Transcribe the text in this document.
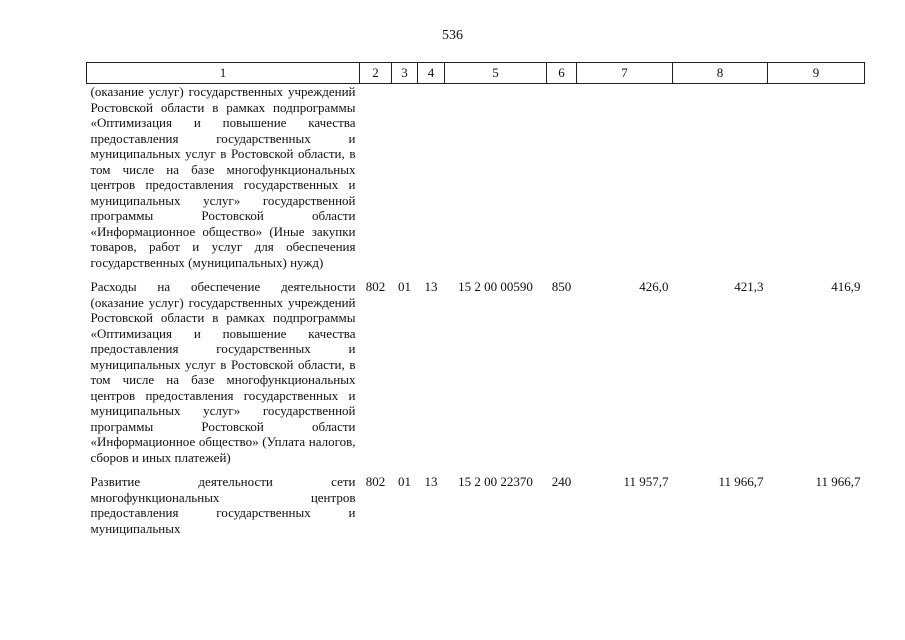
536
1	2	3	4	5	6	7	8	9
(оказание услуг) государственных учреждений Ростовской области в рамках подпрограммы «Оптимизация и повышение качества предоставления государственных и муниципальных услуг в Ростовской области, в том числе на базе многофункциональных центров предоставления государственных и муниципальных услуг» государственной программы Ростовской области «Информационное общество» (Иные закупки товаров, работ и услуг для обеспечения государственных (муниципальных) нужд)								
Расходы на обеспечение деятельности (оказание услуг) государственных учреждений Ростовской области в рамках подпрограммы «Оптимизация и повышение качества предоставления государственных и муниципальных услуг в Ростовской области, в том числе на базе многофункциональных центров предоставления государственных и муниципальных услуг» государственной программы Ростовской области «Информационное общество» (Уплата налогов, сборов и иных платежей)	802	01	13	15 2 00 00590	850	426,0	421,3	416,9
Развитие деятельности сети многофункциональных центров предоставления государственных и муниципальных	802	01	13	15 2 00 22370	240	11 957,7	11 966,7	11 966,7
